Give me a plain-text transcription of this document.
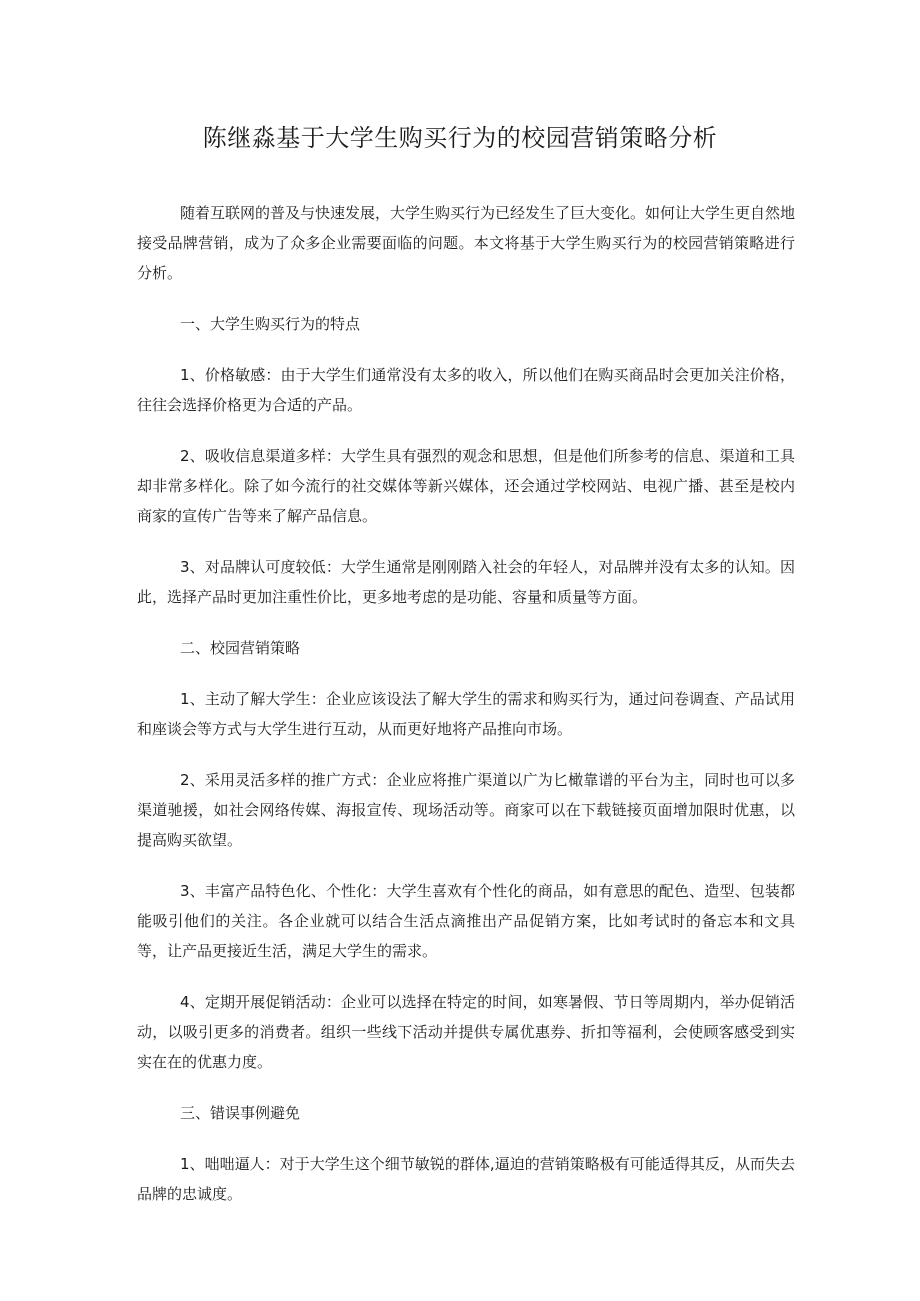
陈继淼基于大学生购买行为的校园营销策略分析

随着互联网的普及与快速发展，大学生购买行为已经发生了巨大变化。如何让大学生更自然地接受品牌营销，成为了众多企业需要面临的问题。本文将基于大学生购买行为的校园营销策略进行分析。

一、大学生购买行为的特点

1、价格敏感：由于大学生们通常没有太多的收入，所以他们在购买商品时会更加关注价格，往往会选择价格更为合适的产品。

2、吸收信息渠道多样：大学生具有强烈的观念和思想，但是他们所参考的信息、渠道和工具却非常多样化。除了如今流行的社交媒体等新兴媒体，还会通过学校网站、电视广播、甚至是校内商家的宣传广告等来了解产品信息。

3、对品牌认可度较低：大学生通常是刚刚踏入社会的年轻人，对品牌并没有太多的认知。因此，选择产品时更加注重性价比，更多地考虑的是功能、容量和质量等方面。

二、校园营销策略

1、主动了解大学生：企业应该设法了解大学生的需求和购买行为，通过问卷调查、产品试用和座谈会等方式与大学生进行互动，从而更好地将产品推向市场。

2、采用灵活多样的推广方式：企业应将推广渠道以广为匕橄靠谱的平台为主，同时也可以多渠道驰援，如社会网络传媒、海报宣传、现场活动等。商家可以在下载链接页面增加限时优惠，以提高购买欲望。

3、丰富产品特色化、个性化：大学生喜欢有个性化的商品，如有意思的配色、造型、包装都能吸引他们的关注。各企业就可以结合生活点滴推出产品促销方案，比如考试时的备忘本和文具等，让产品更接近生活，满足大学生的需求。

4、定期开展促销活动：企业可以选择在特定的时间，如寒暑假、节日等周期内，举办促销活动，以吸引更多的消费者。组织一些线下活动并提供专属优惠券、折扣等福利，会使顾客感受到实实在在的优惠力度。

三、错误事例避免

1、咄咄逼人：对于大学生这个细节敏锐的群体,逼迫的营销策略极有可能适得其反，从而失去品牌的忠诚度。
